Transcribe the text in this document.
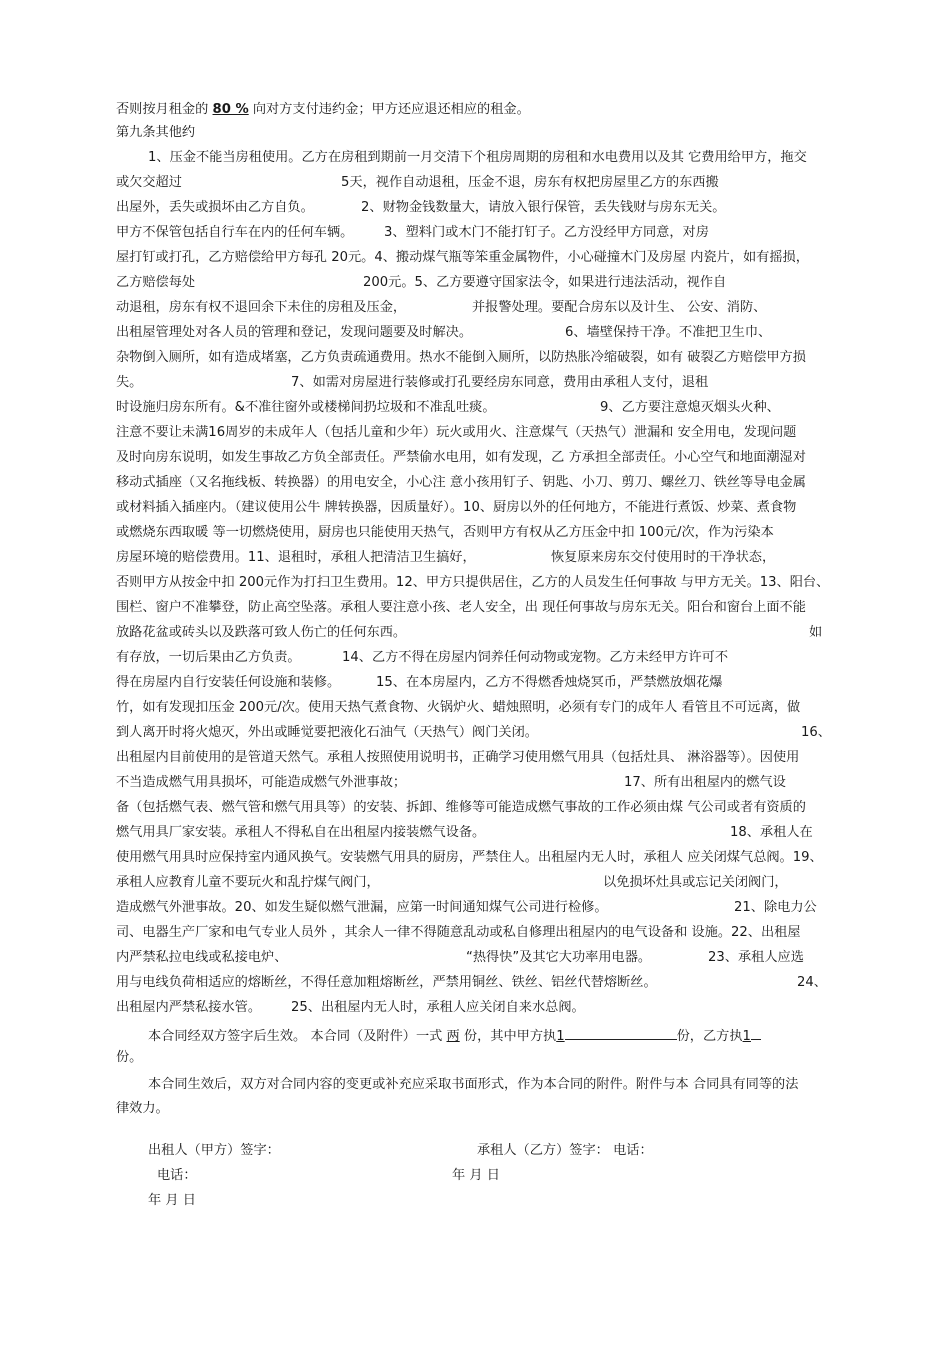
否则按月租金的 80 % 向对方支付违约金；甲方还应退还相应的租金。
第九条其他约
1、压金不能当房租使用。乙方在房租到期前一月交清下个租房周期的房租和水电费用以及其 它费用给甲方，拖交
或欠交超过	5天，视作自动退租，压金不退，房东有权把房屋里乙方的东西搬
出屋外，丢失或损坏由乙方自负。	2、财物金钱数量大，请放入银行保管，丢失钱财与房东无关。
甲方不保管包括自行车在内的任何车辆。 3、塑料门或木门不能打钉子。乙方没经甲方同意，对房
屋打钉或打孔，乙方赔偿给甲方每孔 20元。4、搬动煤气瓶等笨重金属物件，小心碰撞木门及房屋 内瓷片，如有摇损，
乙方赔偿每处	200元。5、乙方要遵守国家法令，如果进行违法活动，视作自
动退租，房东有权不退回余下未住的房租及压金，	并报警处理。要配合房东以及计生、 公安、消防、
出租屋管理处对各人员的管理和登记，发现问题要及时解决。	6、墙壁保持干净。不准把卫生巾、
杂物倒入厕所，如有造成堵塞，乙方负责疏通费用。热水不能倒入厕所，以防热胀冷缩破裂，如有 破裂乙方赔偿甲方损
失。	7、如需对房屋进行装修或打孔要经房东同意，费用由承租人支付，退租
时设施归房东所有。&不准往窗外或楼梯间扔垃圾和不准乱吐痰。	9、乙方要注意熄灭烟头火种、
注意不要让未满16周岁的未成年人（包括儿童和少年）玩火或用火、注意煤气（天热气）泄漏和 安全用电，发现问题
及时向房东说明，如发生事故乙方负全部责任。严禁偷水电用，如有发现，乙 方承担全部责任。小心空气和地面潮湿对
移动式插座（又名拖线板、转换器）的用电安全，小心注 意小孩用钉子、钥匙、小刀、剪刀、螺丝刀、铁丝等导电金属
或材料插入插座内。（建议使用公牛 牌转换器，因质量好）。10、厨房以外的任何地方，不能进行煮饭、炒菜、煮食物
或燃烧东西取暖 等一切燃烧使用，厨房也只能使用天热气，否则甲方有权从乙方压金中扣 100元/次，作为污染本
房屋环境的赔偿费用。11、退租时，承租人把清洁卫生搞好，	恢复原来房东交付使用时的干净状态，
否则甲方从按金中扣 200元作为打扫卫生费用。12、甲方只提供居住，乙方的人员发生任何事故 与甲方无关。13、阳台、
围栏、窗户不准攀登，防止高空坠落。承租人要注意小孩、老人安全，出 现任何事故与房东无关。阳台和窗台上面不能
放路花盆或砖头以及跌落可致人伤亡的任何东西。	如
有存放，一切后果由乙方负责。	14、乙方不得在房屋内饲养任何动物或宠物。乙方未经甲方许可不
得在房屋内自行安装任何设施和装修。	15、在本房屋内，乙方不得燃香烛烧冥币，严禁燃放烟花爆
竹，如有发现扣压金 200元/次。使用天热气煮食物、火锅炉火、蜡烛照明，必须有专门的成年人 看管且不可远离，做
到人离开时将火熄灭，外出或睡觉要把液化石油气（天热气）阀门关闭。	16、
出租屋内目前使用的是管道天然气。承租人按照使用说明书，正确学习使用燃气用具（包括灶具、 淋浴器等）。因使用
不当造成燃气用具损坏，可能造成燃气外泄事故；	17、所有出租屋内的燃气设
备（包括燃气表、燃气管和燃气用具等）的安装、拆卸、维修等可能造成燃气事故的工作必须由煤 气公司或者有资质的
燃气用具厂家安装。承租人不得私自在出租屋内接装燃气设备。	18、承租人在
使用燃气用具时应保持室内通风换气。安装燃气用具的厨房，严禁住人。出租屋内无人时，承租人 应关闭煤气总阀。19、
承租人应教育儿童不要玩火和乱拧煤气阀门，	以免损坏灶具或忘记关闭阀门，
造成燃气外泄事故。20、如发生疑似燃气泄漏，应第一时间通知煤气公司进行检修。	21、除电力公
司、电器生产厂家和电气专业人员外 ，其余人一律不得随意乱动或私自修理出租屋内的电气设备和 设施。22、出租屋
内严禁私拉电线或私接电炉、	“热得快”及其它大功率用电器。	23、承租人应选
用与电线负荷相适应的熔断丝，不得任意加粗熔断丝，严禁用铜丝、铁丝、铝丝代替熔断丝。	24、
出租屋内严禁私接水管。 25、出租屋内无人时，承租人应关闭自来水总阀。
本合同经双方签字后生效。 本合同（及附件）一式 两 份，其中甲方执1	份，乙方执1
份。
本合同生效后，双方对合同内容的变更或补充应采取书面形式，作为本合同的附件。附件与本 合同具有同等的法
律效力。
出租人（甲方）签字：	承租人（乙方）签字： 电话：
电话：	年 月 日
年 月 日
